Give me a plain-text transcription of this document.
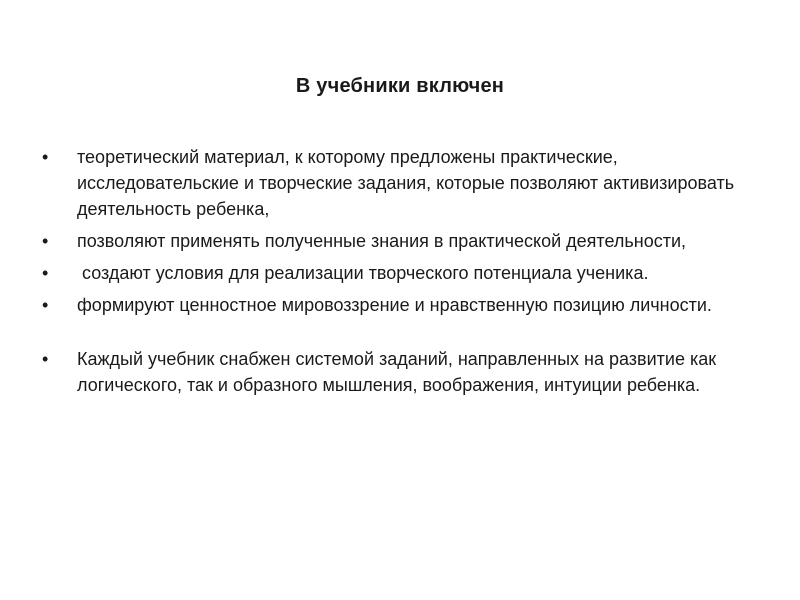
В учебники включен
•	теоретический материал, к которому предложены практические, исследовательские и творческие задания, которые позволяют активизировать деятельность ребенка,
•	позволяют применять полученные знания в практической деятельности,
•	создают условия для реализации творческого потенциала ученика.
•	формируют ценностное мировоззрение и нравственную позицию личности.
•	Каждый учебник снабжен системой заданий, направленных на развитие как логического, так и образного мышления, воображения, интуиции ребенка.
